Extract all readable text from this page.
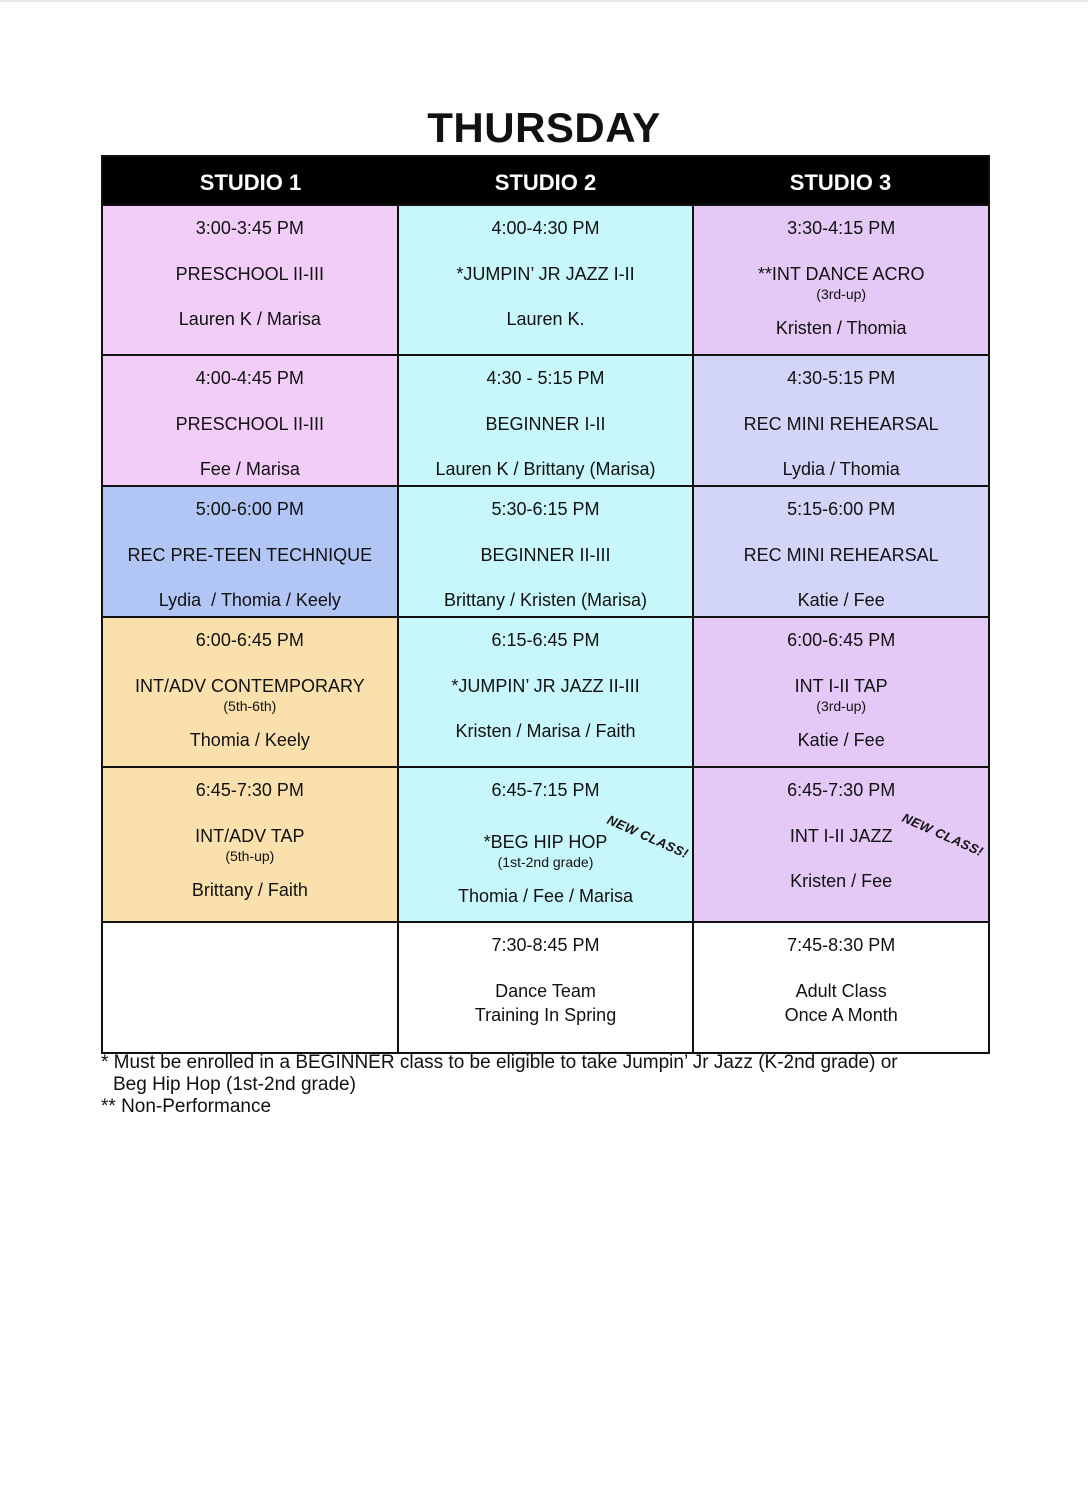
THURSDAY
STUDIO 1	STUDIO 2	STUDIO 3
3:00-3:45 PM
PRESCHOOL II-III
Lauren K / Marisa
4:00-4:30 PM
*JUMPIN’ JR JAZZ I-II
Lauren K.
3:30-4:15 PM
**INT DANCE ACRO
(3rd-up)
Kristen / Thomia
4:00-4:45 PM
PRESCHOOL II-III
Fee / Marisa
4:30 - 5:15 PM
BEGINNER I-II
Lauren K / Brittany (Marisa)
4:30-5:15 PM
REC MINI REHEARSAL
Lydia / Thomia
5:00-6:00 PM
REC PRE-TEEN TECHNIQUE
Lydia  / Thomia / Keely
5:30-6:15 PM
BEGINNER II-III
Brittany / Kristen (Marisa)
5:15-6:00 PM
REC MINI REHEARSAL
Katie / Fee
6:00-6:45 PM
INT/ADV CONTEMPORARY
(5th-6th)
Thomia / Keely
6:15-6:45 PM
*JUMPIN’ JR JAZZ II-III
Kristen / Marisa / Faith
6:00-6:45 PM
INT I-II TAP
(3rd-up)
Katie / Fee
6:45-7:30 PM
INT/ADV TAP
(5th-up)
Brittany / Faith
6:45-7:15 PM
*BEG HIP HOP
(1st-2nd grade)
Thomia / Fee / Marisa
NEW CLASS!
6:45-7:30 PM
INT I-II JAZZ
Kristen / Fee
NEW CLASS!
7:30-8:45 PM
Dance Team
Training In Spring
7:45-8:30 PM
Adult Class
Once A Month
* Must be enrolled in a BEGINNER class to be eligible to take Jumpin’ Jr Jazz (K-2nd grade) or
Beg Hip Hop (1st-2nd grade)
** Non-Performance
